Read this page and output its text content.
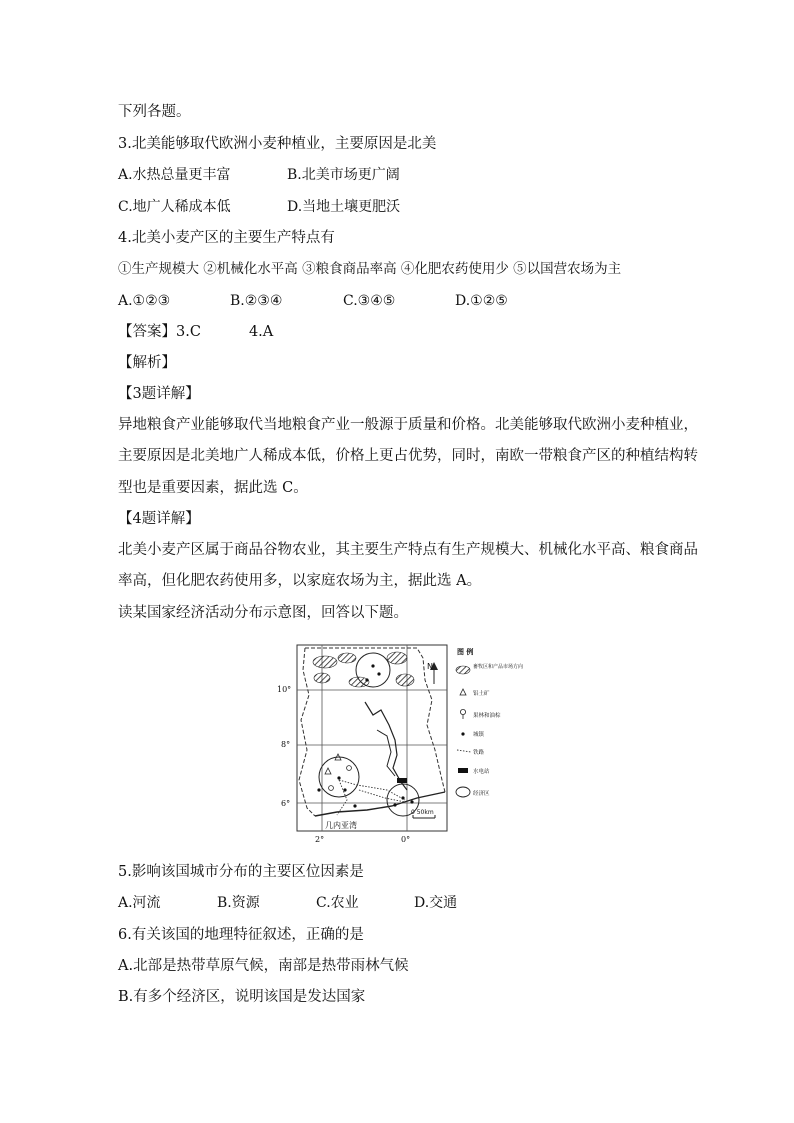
下列各题。
3.北美能够取代欧洲小麦种植业，主要原因是北美
A.水热总量更丰富	B.北美市场更广阔
C.地广人稀成本低	D.当地土壤更肥沃
4.北美小麦产区的主要生产特点有
①生产规模大 ②机械化水平高 ③粮食商品率高 ④化肥农药使用少 ⑤以国营农场为主
A.①②③	B.②③④	C.③④⑤	D.①②⑤
【答案】3.C	4.A
【解析】
【3题详解】
异地粮食产业能够取代当地粮食产业一般源于质量和价格。北美能够取代欧洲小麦种植业，
主要原因是北美地广人稀成本低，价格上更占优势，同时，南欧一带粮食产区的种植结构转
型也是重要因素，据此选 C。
【4题详解】
北美小麦产区属于商品谷物农业，其主要生产特点有生产规模大、机械化水平高、粮食商品
率高，但化肥农药使用多，以家庭农场为主，据此选 A。
读某国家经济活动分布示意图，回答以下题。
N
0 50km
10°
8°
6°
2°	0°
几内亚湾
图 例
畜牧区和产品市场方向
铝土矿
果林和油棕
城镇
铁路
水电站
经济区
5.影响该国城市分布的主要区位因素是
A.河流	B.资源	C.农业	D.交通
6.有关该国的地理特征叙述，正确的是
A.北部是热带草原气候，南部是热带雨林气候
B.有多个经济区，说明该国是发达国家
